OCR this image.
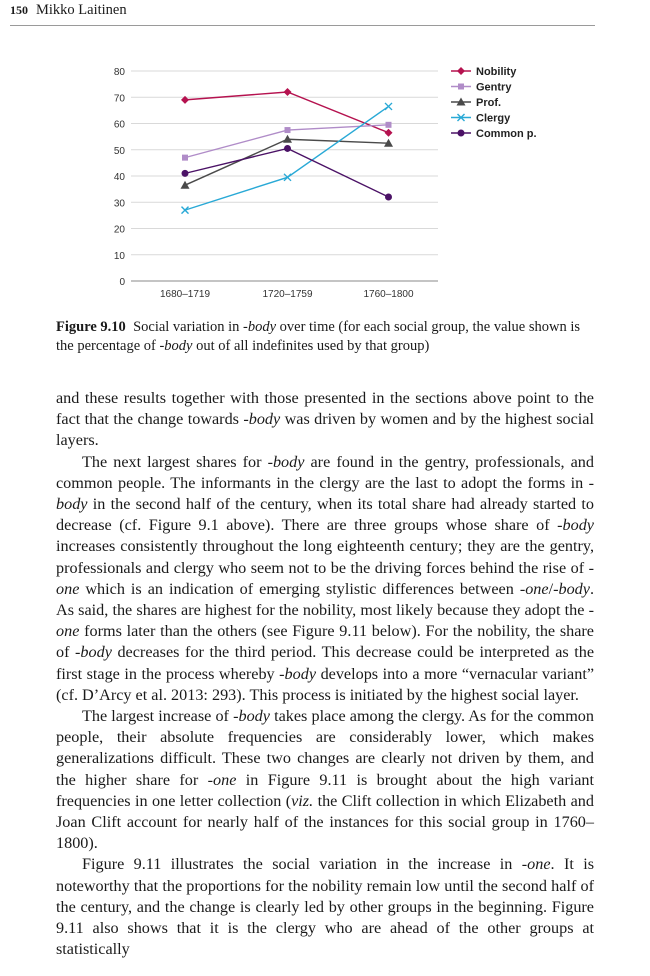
150 Mikko Laitinen
0
10
20
30
40
50
60
70
80
1680–1719	1720–1759	1760–1800
Nobility
Gentry
Prof.
Clergy
Common p.
Figure 9.10 Social variation in -body over time (for each social group, the value shown is the percentage of -body out of all indefinites used by that group)

and these results together with those presented in the sections above point to the fact that the change towards -body was driven by women and by the highest social layers.

The next largest shares for -body are found in the gentry, professionals, and common people. The informants in the clergy are the last to adopt the forms in -body in the second half of the century, when its total share had already started to decrease (cf. Figure 9.1 above). There are three groups whose share of -body increases consistently throughout the long eighteenth century; they are the gentry, professionals and clergy who seem not to be the driving forces behind the rise of -one which is an indication of emerging stylistic differences between -one/-body. As said, the shares are highest for the nobility, most likely because they adopt the -one forms later than the others (see Figure 9.11 below). For the nobility, the share of -body decreases for the third period. This decrease could be interpreted as the first stage in the process whereby -body develops into a more “vernacular variant” (cf. D’Arcy et al. 2013: 293). This process is initiated by the highest social layer.

The largest increase of -body takes place among the clergy. As for the common people, their absolute frequencies are considerably lower, which makes generalizations difficult. These two changes are clearly not driven by them, and the higher share for -one in Figure 9.11 is brought about the high variant frequencies in one letter collection (viz. the Clift collection in which Elizabeth and Joan Clift account for nearly half of the instances for this social group in 1760–1800).

Figure 9.11 illustrates the social variation in the increase in -one. It is noteworthy that the proportions for the nobility remain low until the second half of the century, and the change is clearly led by other groups in the beginning. Figure 9.11 also shows that it is the clergy who are ahead of the other groups at statistically
